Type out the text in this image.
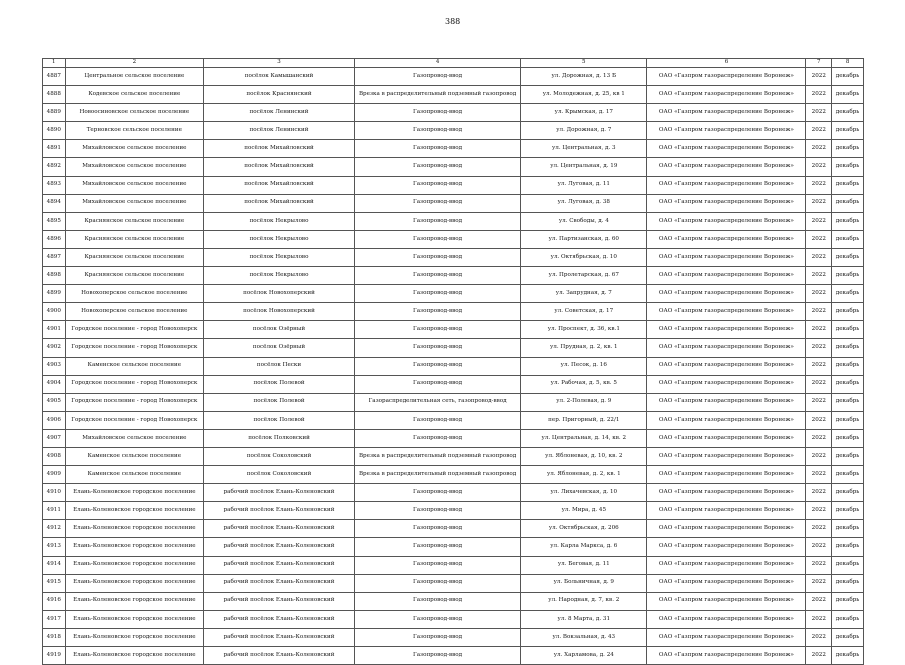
388
1	2	3	4	5	6	7	8
4887	Центральное сельское поселение	посёлок Камышанский	Газопровод-ввод	ул. Дорожная, д. 13 Б	ОАО «Газпром газораспределение Воронеж»	2022	декабрь
4888	Кодевское сельское поселение	посёлок Краснянский	Врезка в распределительный подземный газопровод	ул. Молодежная, д. 25, кв 1	ОАО «Газпром газораспределение Воронеж»	2022	декабрь
4889	Новоосиновское сельское поселение	посёлок Ленинский	Газопровод-ввод	ул. Крымская, д. 17	ОАО «Газпром газораспределение Воронеж»	2022	декабрь
4890	Терновское сельское поселение	посёлок Ленинский	Газопровод-ввод	ул. Дорожная, д. 7	ОАО «Газпром газораспределение Воронеж»	2022	декабрь
4891	Михайловское сельское поселение	посёлок Михайловский	Газопровод-ввод	ул. Центральная, д. 3	ОАО «Газпром газораспределение Воронеж»	2022	декабрь
4892	Михайловское сельское поселение	посёлок Михайловский	Газопровод-ввод	ул. Центральная, д. 19	ОАО «Газпром газораспределение Воронеж»	2022	декабрь
4893	Михайловское сельское поселение	посёлок Михайловский	Газопровод-ввод	ул. Луговая, д. 11	ОАО «Газпром газораспределение Воронеж»	2022	декабрь
4894	Михайловское сельское поселение	посёлок Михайловский	Газопровод-ввод	ул. Луговая, д. 38	ОАО «Газпром газораспределение Воронеж»	2022	декабрь
4895	Краснянское сельское поселение	посёлок Некрылово	Газопровод-ввод	ул. Свободы, д. 4	ОАО «Газпром газораспределение Воронеж»	2022	декабрь
4896	Краснянское сельское поселение	посёлок Некрылово	Газопровод-ввод	ул. Партизанская, д. 60	ОАО «Газпром газораспределение Воронеж»	2022	декабрь
4897	Краснянское сельское поселение	посёлок Некрылово	Газопровод-ввод	ул. Октябрьская, д. 10	ОАО «Газпром газораспределение Воронеж»	2022	декабрь
4898	Краснянское сельское поселение	посёлок Некрылово	Газопровод-ввод	ул. Пролетарская, д. 67	ОАО «Газпром газораспределение Воронеж»	2022	декабрь
4899	Новохоперское сельское поселение	посёлок Новохоперский	Газопровод-ввод	ул. Запрудная, д. 7	ОАО «Газпром газораспределение Воронеж»	2022	декабрь
4900	Новохоперское сельское поселение	посёлок Новохоперский	Газопровод-ввод	ул. Советская, д. 17	ОАО «Газпром газораспределение Воронеж»	2022	декабрь
4901	Городское поселение - город Новохоперск	посёлок Озёрный	Газопровод-ввод	ул. Проспект, д. 36, кв.1	ОАО «Газпром газораспределение Воронеж»	2022	декабрь
4902	Городское поселение - город Новохоперск	посёлок Озёрный	Газопровод-ввод	ул. Прудная, д. 2, кв. 1	ОАО «Газпром газораспределение Воронеж»	2022	декабрь
4903	Каменское сельское поселение	посёлок Пески	Газопровод-ввод	ул. Песок, д. 16	ОАО «Газпром газораспределение Воронеж»	2022	декабрь
4904	Городское поселение - город Новохоперск	посёлок Полевой	Газопровод-ввод	ул. Рабочая, д. 5, кв. 5	ОАО «Газпром газораспределение Воронеж»	2022	декабрь
4905	Городское поселение - город Новохоперск	посёлок Полевой	Газораспределительная сеть, газопровод-ввод	ул. 2-Полевая, д. 9	ОАО «Газпром газораспределение Воронеж»	2022	декабрь
4906	Городское поселение - город Новохоперск	посёлок Полевой	Газопровод-ввод	пер. Пригорный, д. 22/1	ОАО «Газпром газораспределение Воронеж»	2022	декабрь
4907	Михайловское сельское поселение	посёлок Полковский	Газопровод-ввод	ул. Центральная, д. 14, кв. 2	ОАО «Газпром газораспределение Воронеж»	2022	декабрь
4908	Каменское сельское поселение	посёлок Соколовский	Врезка в распределительный подземный газопровод	ул. Яблоневая, д. 10, кв. 2	ОАО «Газпром газораспределение Воронеж»	2022	декабрь
4909	Каменское сельское поселение	посёлок Соколовский	Врезка в распределительный подземный газопровод	ул. Яблоневая, д. 2, кв. 1	ОАО «Газпром газораспределение Воронеж»	2022	декабрь
4910	Елань-Коленовское городское поселение	рабочий посёлок Елань-Коленовский	Газопровод-ввод	ул. Лихачевская, д. 10	ОАО «Газпром газораспределение Воронеж»	2022	декабрь
4911	Елань-Коленовское городское поселение	рабочий посёлок Елань-Коленовский	Газопровод-ввод	ул. Мира, д. 45	ОАО «Газпром газораспределение Воронеж»	2022	декабрь
4912	Елань-Коленовское городское поселение	рабочий посёлок Елань-Коленовский	Газопровод-ввод	ул. Октябрьская, д. 206	ОАО «Газпром газораспределение Воронеж»	2022	декабрь
4913	Елань-Коленовское городское поселение	рабочий посёлок Елань-Коленовский	Газопровод-ввод	ул. Карла Маркса, д. 6	ОАО «Газпром газораспределение Воронеж»	2022	декабрь
4914	Елань-Коленовское городское поселение	рабочий посёлок Елань-Коленовский	Газопровод-ввод	ул. Беговая, д. 11	ОАО «Газпром газораспределение Воронеж»	2022	декабрь
4915	Елань-Коленовское городское поселение	рабочий посёлок Елань-Коленовский	Газопровод-ввод	ул. Больничная, д. 9	ОАО «Газпром газораспределение Воронеж»	2022	декабрь
4916	Елань-Коленовское городское поселение	рабочий посёлок Елань-Коленовский	Газопровод-ввод	ул. Народная, д. 7, кв. 2	ОАО «Газпром газораспределение Воронеж»	2022	декабрь
4917	Елань-Коленовское городское поселение	рабочий посёлок Елань-Коленовский	Газопровод-ввод	ул. 8 Марта, д. 31	ОАО «Газпром газораспределение Воронеж»	2022	декабрь
4918	Елань-Коленовское городское поселение	рабочий посёлок Елань-Коленовский	Газопровод-ввод	ул. Вокзальная, д. 43	ОАО «Газпром газораспределение Воронеж»	2022	декабрь
4919	Елань-Коленовское городское поселение	рабочий посёлок Елань-Коленовский	Газопровод-ввод	ул. Харламова, д. 24	ОАО «Газпром газораспределение Воронеж»	2022	декабрь
